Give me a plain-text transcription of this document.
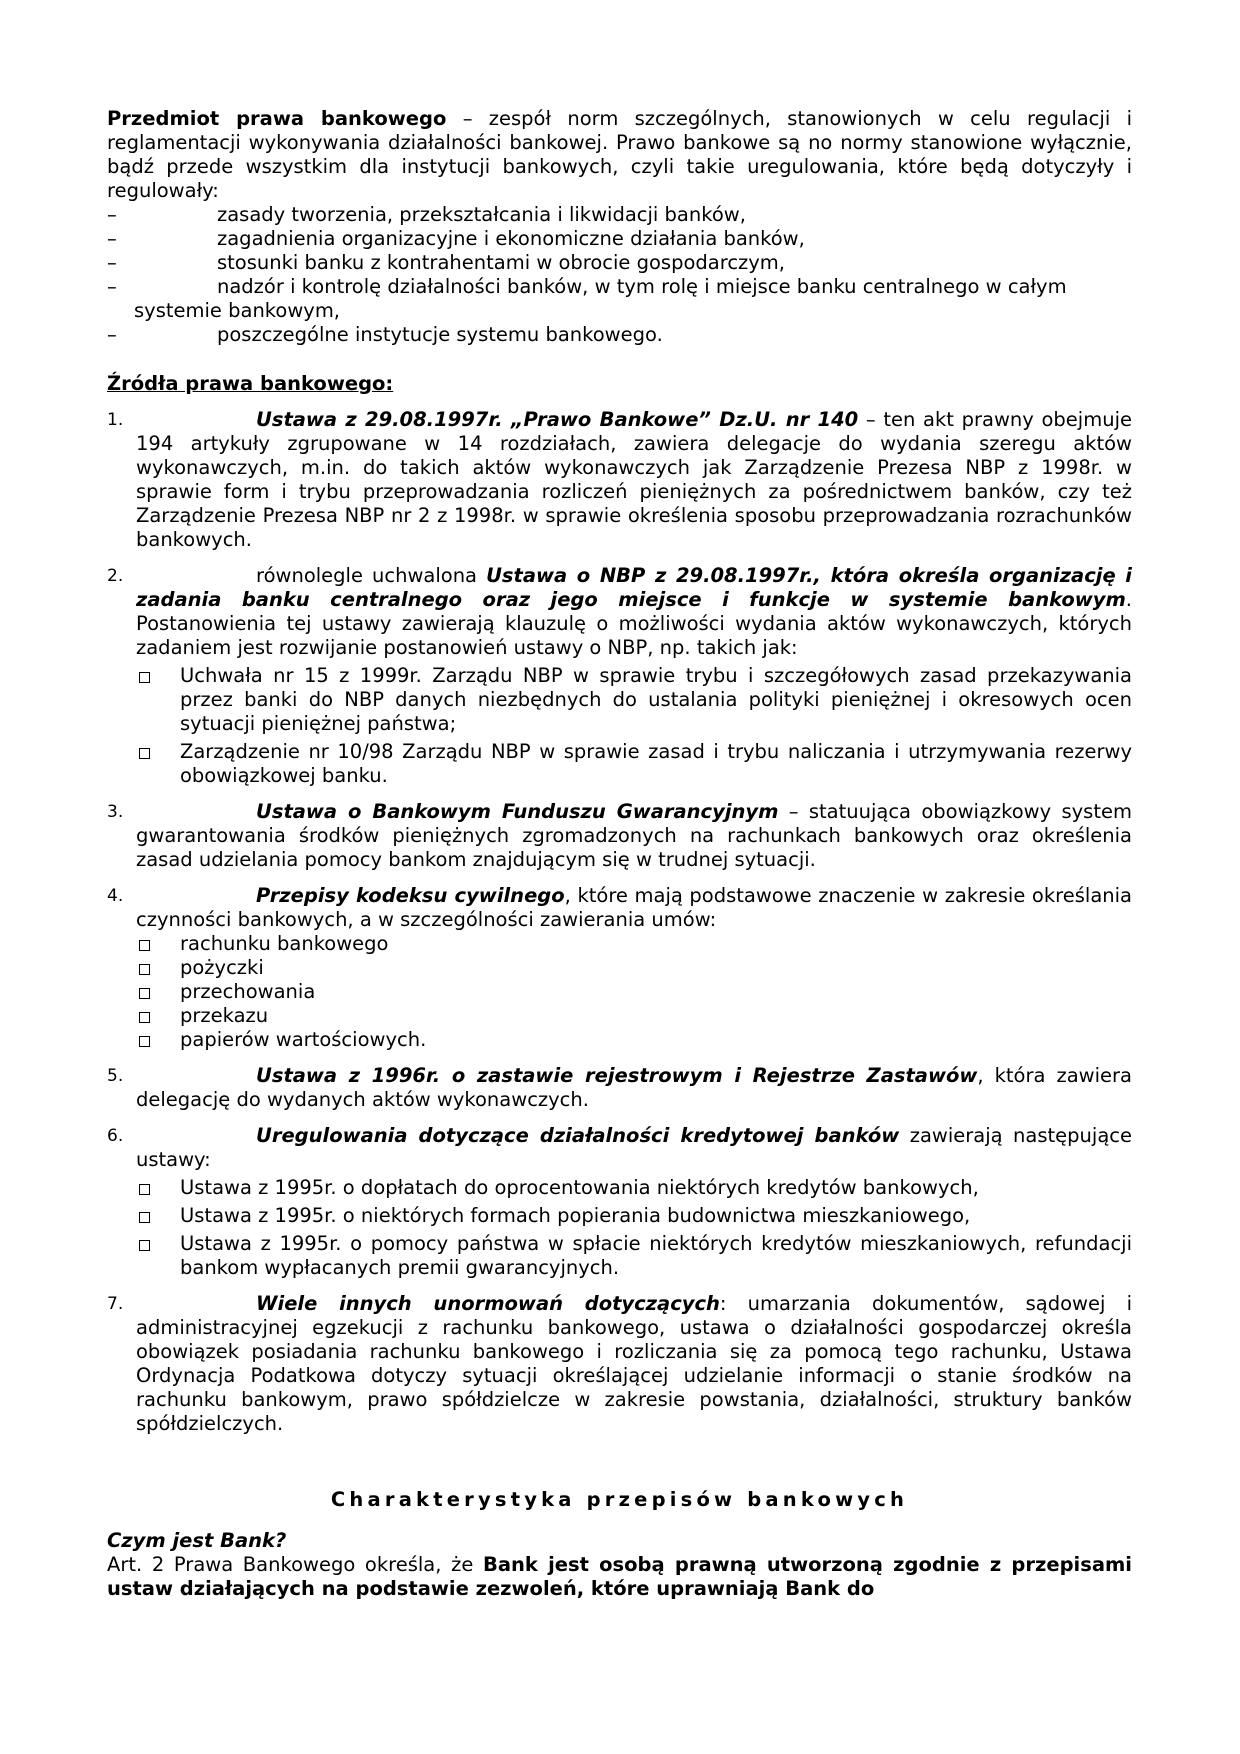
Przedmiot prawa bankowego – zespół norm szczególnych, stanowionych w celu regulacji i reglamentacji wykonywania działalności bankowej. Prawo bankowe są no normy stanowione wyłącznie, bądź przede wszystkim dla instytucji bankowych, czyli takie uregulowania, które będą dotyczyły i regulowały:

–	zasady tworzenia, przekształcania i likwidacji banków,
–	zagadnienia organizacyjne i ekonomiczne działania banków,
–	stosunki banku z kontrahentami w obrocie gospodarczym,
–	nadzór i kontrolę działalności banków, w tym rolę i miejsce banku centralnego w całym systemie bankowym,
–	poszczególne instytucje systemu bankowego.
Źródła prawa bankowego:
1.	Ustawa z 29.08.1997r. „Prawo Bankowe” Dz.U. nr 140 – ten akt prawny obejmuje 194 artykuły zgrupowane w 14 rozdziałach, zawiera delegacje do wydania szeregu aktów wykonawczych, m.in. do takich aktów wykonawczych jak Zarządzenie Prezesa NBP z 1998r. w sprawie form i trybu przeprowadzania rozliczeń pieniężnych za pośrednictwem banków, czy też Zarządzenie Prezesa NBP nr 2 z 1998r. w sprawie określenia sposobu przeprowadzania rozrachunków bankowych.
2.	równolegle uchwalona Ustawa o NBP z 29.08.1997r., która określa organizację i zadania banku centralnego oraz jego miejsce i funkcje w systemie bankowym. Postanowienia tej ustawy zawierają klauzulę o możliwości wydania aktów wykonawczych, których zadaniem jest rozwijanie postanowień ustawy o NBP, np. takich jak:
Uchwała nr 15 z 1999r. Zarządu NBP w sprawie trybu i szczegółowych zasad przekazywania przez banki do NBP danych niezbędnych do ustalania polityki pieniężnej i okresowych ocen sytuacji pieniężnej państwa;
Zarządzenie nr 10/98 Zarządu NBP w sprawie zasad i trybu naliczania i utrzymywania rezerwy obowiązkowej banku.
3.	Ustawa o Bankowym Funduszu Gwarancyjnym – statuująca obowiązkowy system gwarantowania środków pieniężnych zgromadzonych na rachunkach bankowych oraz określenia zasad udzielania pomocy bankom znajdującym się w trudnej sytuacji.
4.	Przepisy kodeksu cywilnego, które mają podstawowe znaczenie w zakresie określania czynności bankowych, a w szczególności zawierania umów:
rachunku bankowego
pożyczki
przechowania
przekazu
papierów wartościowych.
5.	Ustawa z 1996r. o zastawie rejestrowym i Rejestrze Zastawów, która zawiera delegację do wydanych aktów wykonawczych.
6.	Uregulowania dotyczące działalności kredytowej banków zawierają następujące ustawy:
Ustawa z 1995r. o dopłatach do oprocentowania niektórych kredytów bankowych,
Ustawa z 1995r. o niektórych formach popierania budownictwa mieszkaniowego,
Ustawa z 1995r. o pomocy państwa w spłacie niektórych kredytów mieszkaniowych, refundacji bankom wypłacanych premii gwarancyjnych.
7.	Wiele innych unormowań dotyczących: umarzania dokumentów, sądowej i administracyjnej egzekucji z rachunku bankowego, ustawa o działalności gospodarczej określa obowiązek posiadania rachunku bankowego i rozliczania się za pomocą tego rachunku, Ustawa Ordynacja Podatkowa dotyczy sytuacji określającej udzielanie informacji o stanie środków na rachunku bankowym, prawo spółdzielcze w zakresie powstania, działalności, struktury banków spółdzielczych.
Charakterystyka przepisów bankowych
Czym jest Bank?

Art. 2 Prawa Bankowego określa, że Bank jest osobą prawną utworzoną zgodnie z przepisami ustaw działających na podstawie zezwoleń, które uprawniają Bank do
